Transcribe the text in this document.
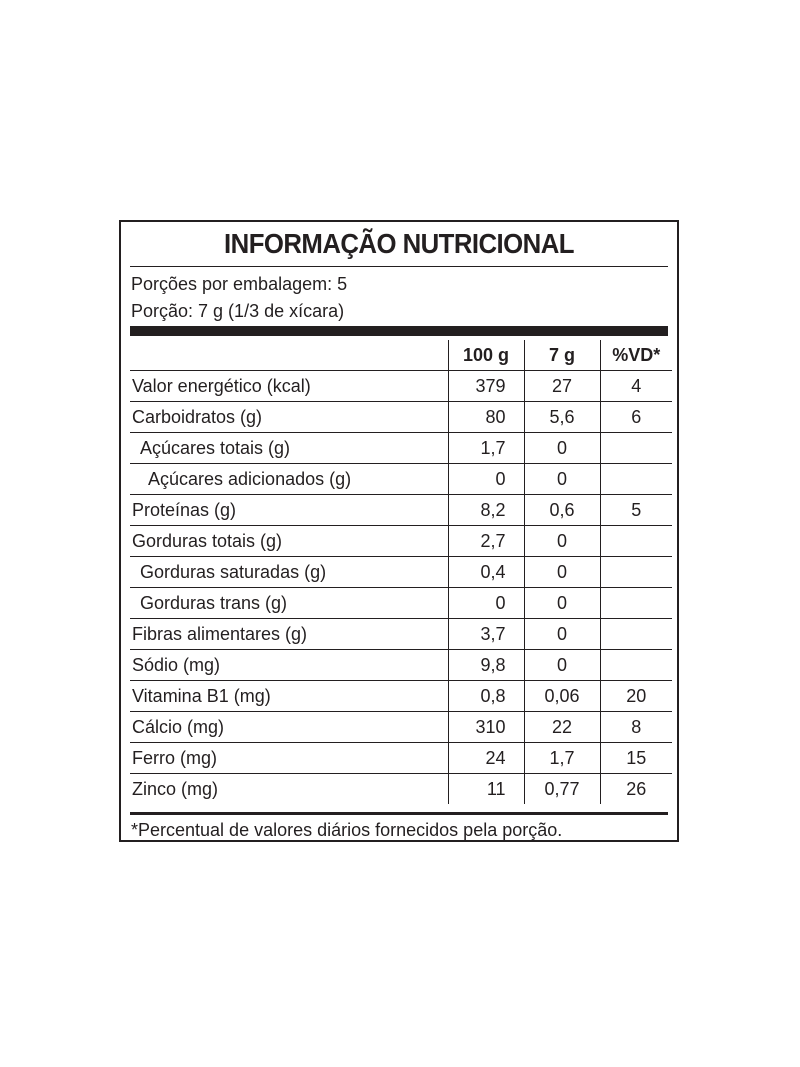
INFORMAÇÃO NUTRICIONAL
Porções por embalagem: 5
Porção: 7 g (1/3 de xícara)
	100 g	7 g	%VD*
Valor energético (kcal)	379	27	4
Carboidratos (g)	80	5,6	6
Açúcares totais (g)	1,7	0	
Açúcares adicionados (g)	0	0	
Proteínas (g)	8,2	0,6	5
Gorduras totais (g)	2,7	0	
Gorduras saturadas (g)	0,4	0	
Gorduras trans (g)	0	0	
Fibras alimentares (g)	3,7	0	
Sódio (mg)	9,8	0	
Vitamina B1 (mg)	0,8	0,06	20
Cálcio (mg)	310	22	8
Ferro (mg)	24	1,7	15
Zinco (mg)	11	0,77	26
*Percentual de valores diários fornecidos pela porção.
